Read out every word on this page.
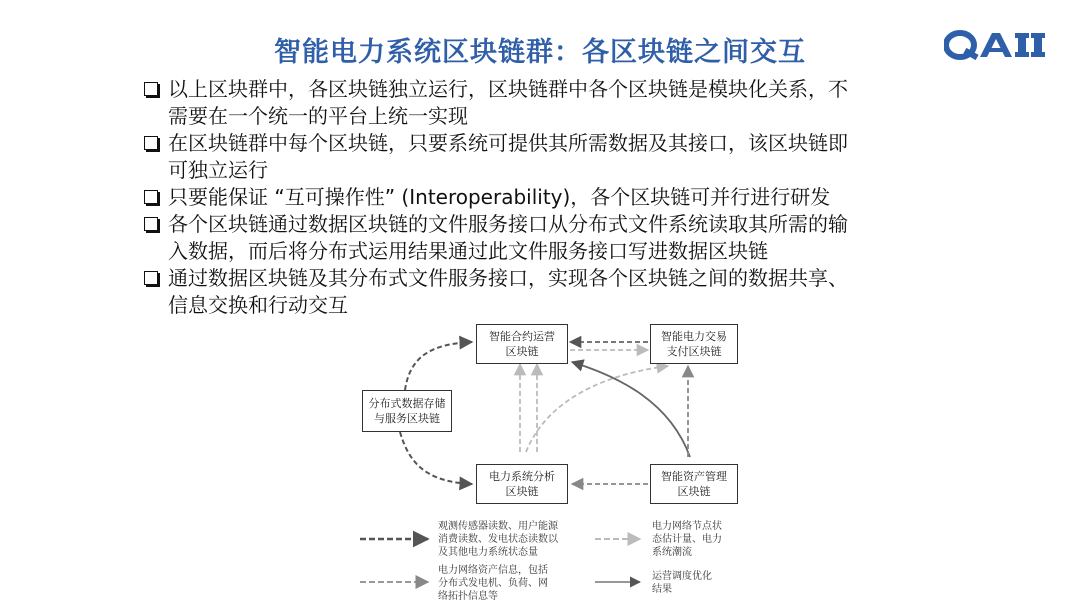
智能电力系统区块链群：各区块链之间交互
以上区块群中，各区块链独立运行，区块链群中各个区块链是模块化关系，不
需要在一个统一的平台上统一实现
在区块链群中每个区块链，只要系统可提供其所需数据及其接口，该区块链即
可独立运行
只要能保证 “互可操作性” (Interoperability)，各个区块链可并行进行研发
各个区块链通过数据区块链的文件服务接口从分布式文件系统读取其所需的输
入数据，而后将分布式运用结果通过此文件服务接口写进数据区块链
通过数据区块链及其分布式文件服务接口，实现各个区块链之间的数据共享、
信息交换和行动交互
智能合约运营
区块链
智能电力交易
支付区块链
分布式数据存储
与服务区块链
电力系统分析
区块链
智能资产管理
区块链
观测传感器读数、用户能源
消费读数、发电状态读数以
及其他电力系统状态量
电力网络节点状
态估计量、电力
系统潮流
电力网络资产信息，包括
分布式发电机、负荷、网
络拓扑信息等
运营调度优化
结果
